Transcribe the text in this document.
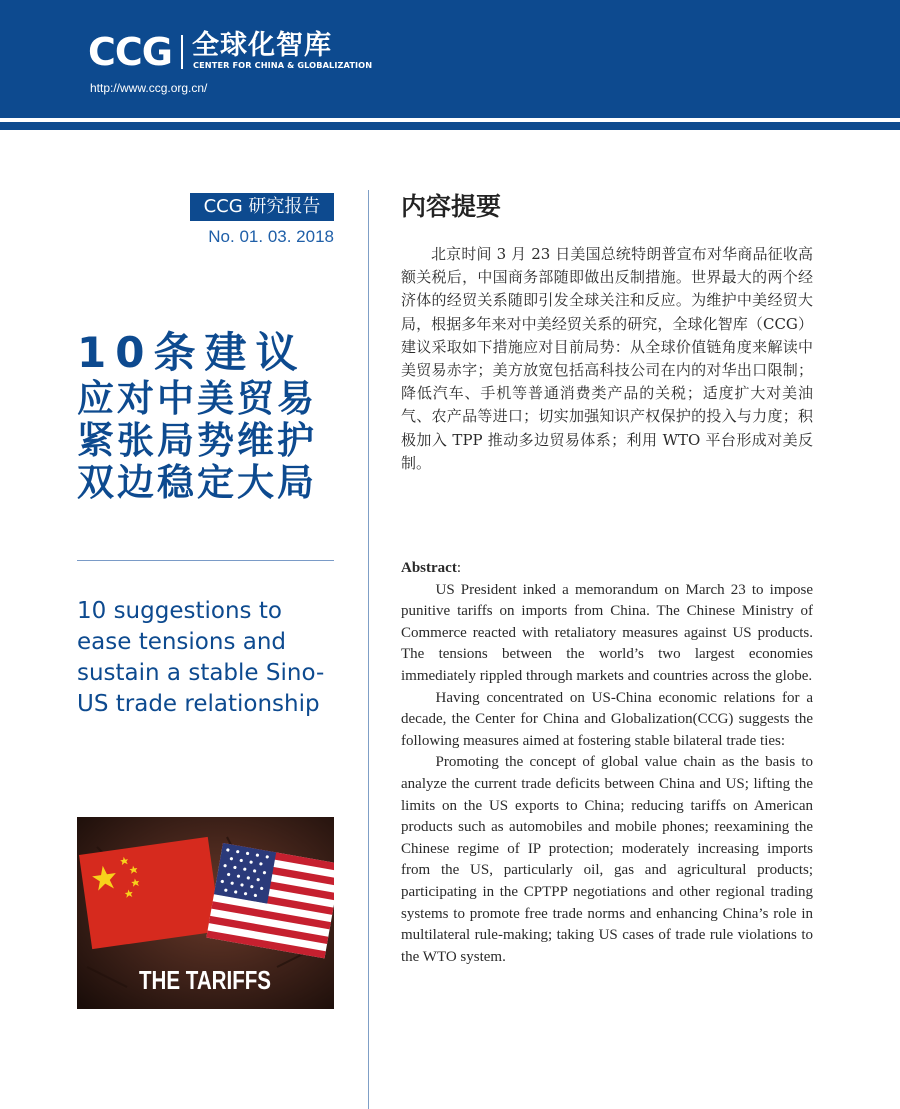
CCG 全球化智库
CENTER FOR CHINA & GLOBALIZATION
http://www.ccg.org.cn/
CCG 研究报告
No. 01. 03. 2018
10条建议
应对中美贸易
紧张局势维护
双边稳定大局
10 suggestions to
ease tensions and
sustain a stable Sino-
US trade relationship
THE TARIFFS
内容提要

北京时间 3 月 23 日美国总统特朗普宣布对华商品征收高额关税后，中国商务部随即做出反制措施。世界最大的两个经济体的经贸关系随即引发全球关注和反应。为维护中美经贸大局，根据多年来对中美经贸关系的研究，全球化智库（CCG）建议采取如下措施应对目前局势：从全球价值链角度来解读中美贸易赤字；美方放宽包括高科技公司在内的对华出口限制；降低汽车、手机等普通消费类产品的关税；适度扩大对美油气、农产品等进口；切实加强知识产权保护的投入与力度；积极加入 TPP 推动多边贸易体系；利用 WTO 平台形成对美反制。

Abstract:

US President inked a memorandum on March 23 to impose punitive tariffs on imports from China. The Chinese Ministry of Commerce reacted with retaliatory measures against US products. The tensions between the world’s two largest economies immediately rippled through markets and countries across the globe.

Having concentrated on US-China economic relations for a decade, the Center for China and Globalization(CCG) suggests the following measures aimed at fostering stable bilateral trade ties:

Promoting the concept of global value chain as the basis to analyze the current trade deficits between China and US; lifting the limits on the US exports to China; reducing tariffs on American products such as automobiles and mobile phones; reexamining the Chinese regime of IP protection; moderately increasing imports from the US, particularly oil, gas and agricultural products; participating in the CPTPP negotiations and other regional trading systems to promote free trade norms and enhancing China’s role in multilateral rule-making; taking US cases of trade rule violations to the WTO system.
